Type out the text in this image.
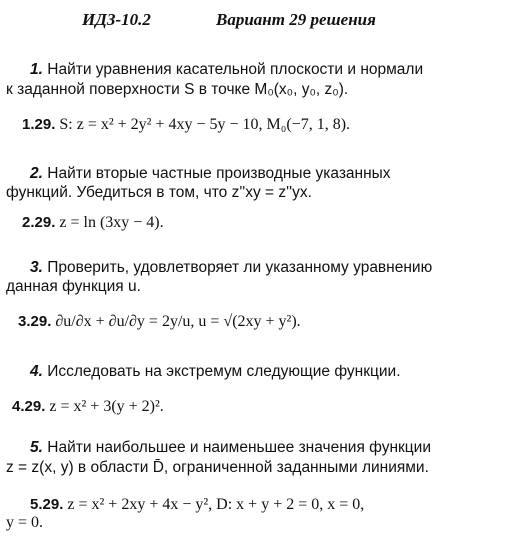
ИДЗ-10.2	Вариант 29 решения
1. Найти уравнения касательной плоскости и нормали
к заданной поверхности S в точке M₀(x₀, y₀, z₀).
1.29. S: z = x² + 2y² + 4xy − 5y − 10, M₀(−7, 1, 8).
2. Найти вторые частные производные указанных
функций. Убедиться в том, что z''xy = z''yx.
2.29. z = ln (3xy − 4).
3. Проверить, удовлетворяет ли указанному уравнению
данная функция u.
3.29. ∂u/∂x + ∂u/∂y = 2y/u, u = √(2xy + y²).
4. Исследовать на экстремум следующие функции.
4.29. z = x² + 3(y + 2)².
5. Найти наибольшее и наименьшее значения функции
z = z(x, y) в области D̄, ограниченной заданными линиями.
5.29. z = x² + 2xy + 4x − y², D: x + y + 2 = 0, x = 0,
y = 0.
